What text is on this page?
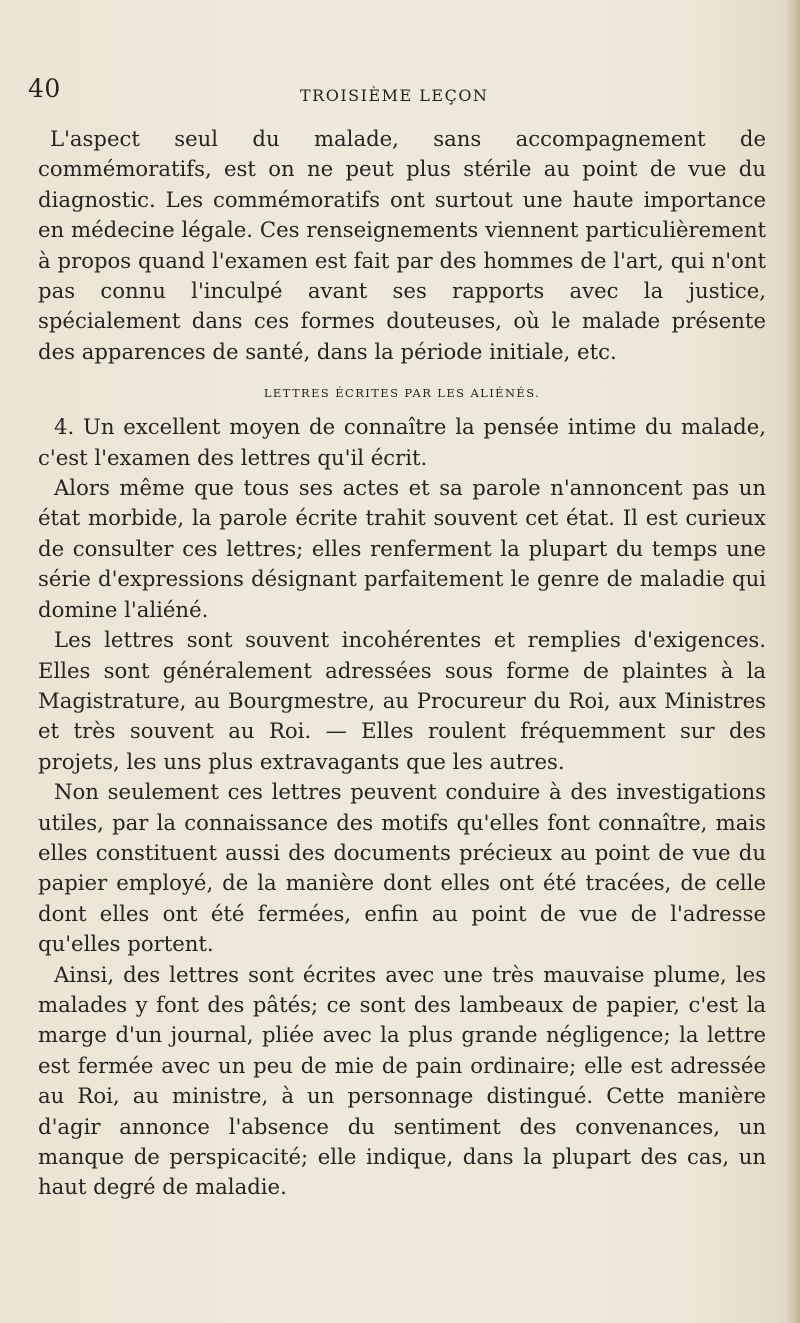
40	TROISIÈME LEÇON

L'aspect seul du malade, sans accompagnement de commémoratifs, est on ne peut plus stérile au point de vue du diagnostic. Les commémoratifs ont surtout une haute importance en médecine légale. Ces renseignements viennent particulièrement à propos quand l'examen est fait par des hommes de l'art, qui n'ont pas connu l'inculpé avant ses rapports avec la justice, spécialement dans ces formes douteuses, où le malade présente des apparences de santé, dans la période initiale, etc.

LETTRES ÉCRITES PAR LES ALIÉNÉS.

4. Un excellent moyen de connaître la pensée intime du malade, c'est l'examen des lettres qu'il écrit.

Alors même que tous ses actes et sa parole n'annoncent pas un état morbide, la parole écrite trahit souvent cet état. Il est curieux de consulter ces lettres; elles renferment la plupart du temps une série d'expressions désignant parfaitement le genre de maladie qui domine l'aliéné.

Les lettres sont souvent incohérentes et remplies d'exigences. Elles sont généralement adressées sous forme de plaintes à la Magistrature, au Bourgmestre, au Procureur du Roi, aux Ministres et très souvent au Roi. — Elles roulent fréquemment sur des projets, les uns plus extravagants que les autres.

Non seulement ces lettres peuvent conduire à des investigations utiles, par la connaissance des motifs qu'elles font connaître, mais elles constituent aussi des documents précieux au point de vue du papier employé, de la manière dont elles ont été tracées, de celle dont elles ont été fermées, enfin au point de vue de l'adresse qu'elles portent.

Ainsi, des lettres sont écrites avec une très mauvaise plume, les malades y font des pâtés; ce sont des lambeaux de papier, c'est la marge d'un journal, pliée avec la plus grande négligence; la lettre est fermée avec un peu de mie de pain ordinaire; elle est adressée au Roi, au ministre, à un personnage distingué. Cette manière d'agir annonce l'absence du sentiment des convenances, un manque de perspicacité; elle indique, dans la plupart des cas, un haut degré de maladie.
